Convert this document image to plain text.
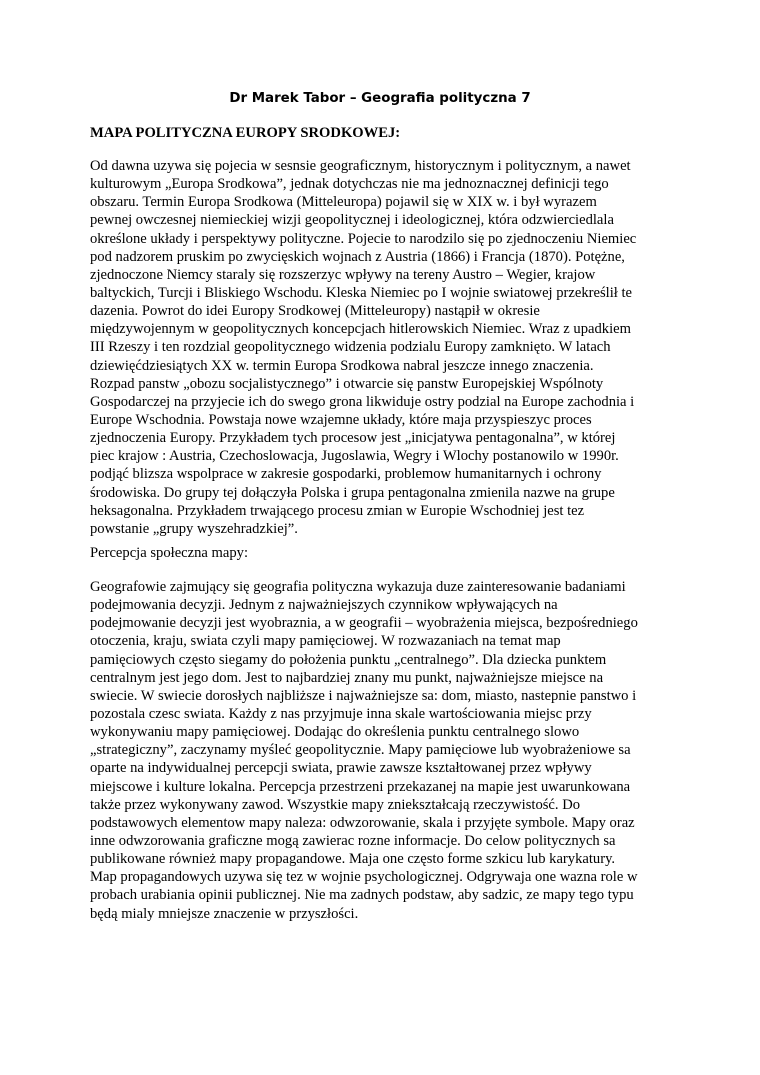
Dr Marek Tabor – Geografia polityczna 7
MAPA POLITYCZNA EUROPY SRODKOWEJ:
Od dawna uzywa się pojecia w sesnsie geograficznym, historycznym i politycznym, a nawet
kulturowym „Europa Srodkowa”, jednak dotychczas nie ma jednoznacznej definicji tego
obszaru. Termin Europa Srodkowa (Mitteleuropa) pojawil się w XIX w. i był wyrazem
pewnej owczesnej niemieckiej wizji geopolitycznej i ideologicznej, która odzwierciedlala
określone układy i perspektywy polityczne. Pojecie to narodzilo się po zjednoczeniu Niemiec
pod nadzorem pruskim po zwycięskich wojnach z Austria (1866) i Francja (1870). Potężne,
zjednoczone Niemcy staraly się rozszerzyc wpływy na tereny Austro – Wegier, krajow
baltyckich, Turcji i Bliskiego Wschodu. Kleska Niemiec po I wojnie swiatowej przekreślił te
dazenia. Powrot do idei Europy Srodkowej (Mitteleuropy) nastąpił w okresie
międzywojennym w geopolitycznych koncepcjach hitlerowskich Niemiec. Wraz z upadkiem
III Rzeszy i ten rozdzial geopolitycznego widzenia podzialu Europy zamknięto. W latach
dziewięćdziesiątych XX w. termin Europa Srodkowa nabral jeszcze innego znaczenia.
Rozpad panstw „obozu socjalistycznego” i otwarcie się panstw Europejskiej Wspólnoty
Gospodarczej na przyjecie ich do swego grona likwiduje ostry podzial na Europe zachodnia i
Europe Wschodnia. Powstaja nowe wzajemne układy, które maja przyspieszyc proces
zjednoczenia Europy. Przykładem tych procesow jest „inicjatywa pentagonalna”, w której
piec krajow : Austria, Czechoslowacja, Jugoslawia, Wegry i Wlochy postanowilo w 1990r.
podjąć blizsza wspolprace w zakresie gospodarki, problemow humanitarnych i ochrony
środowiska. Do grupy tej dołączyła Polska i grupa pentagonalna zmienila nazwe na grupe
heksagonalna. Przykładem trwającego procesu zmian w Europie Wschodniej jest tez
powstanie „grupy wyszehradzkiej”.
Percepcja społeczna mapy:
Geografowie zajmujący się geografia polityczna wykazuja duze zainteresowanie badaniami
podejmowania decyzji. Jednym z najważniejszych czynnikow wpływających na
podejmowanie decyzji jest wyobraznia, a w geografii – wyobrażenia miejsca, bezpośredniego
otoczenia, kraju, swiata czyli mapy pamięciowej. W rozwazaniach na temat map
pamięciowych często siegamy do położenia punktu „centralnego”. Dla dziecka punktem
centralnym jest jego dom. Jest to najbardziej znany mu punkt, najważniejsze miejsce na
swiecie. W swiecie dorosłych najbliższe i najważniejsze sa: dom, miasto, nastepnie panstwo i
pozostala czesc swiata. Każdy z nas przyjmuje inna skale wartościowania miejsc przy
wykonywaniu mapy pamięciowej. Dodając do określenia punktu centralnego slowo
„strategiczny”, zaczynamy myśleć geopolitycznie. Mapy pamięciowe lub wyobrażeniowe sa
oparte na indywidualnej percepcji swiata, prawie zawsze kształtowanej przez wpływy
miejscowe i kulture lokalna. Percepcja przestrzeni przekazanej na mapie jest uwarunkowana
także przez wykonywany zawod. Wszystkie mapy zniekształcają rzeczywistość. Do
podstawowych elementow mapy naleza: odwzorowanie, skala i przyjęte symbole. Mapy oraz
inne odwzorowania graficzne mogą zawierac rozne informacje. Do celow politycznych sa
publikowane również mapy propagandowe. Maja one często forme szkicu lub karykatury.
Map propagandowych uzywa się tez w wojnie psychologicznej. Odgrywaja one wazna role w
probach urabiania opinii publicznej. Nie ma zadnych podstaw, aby sadzic, ze mapy tego typu
będą mialy mniejsze znaczenie w przyszłości.
